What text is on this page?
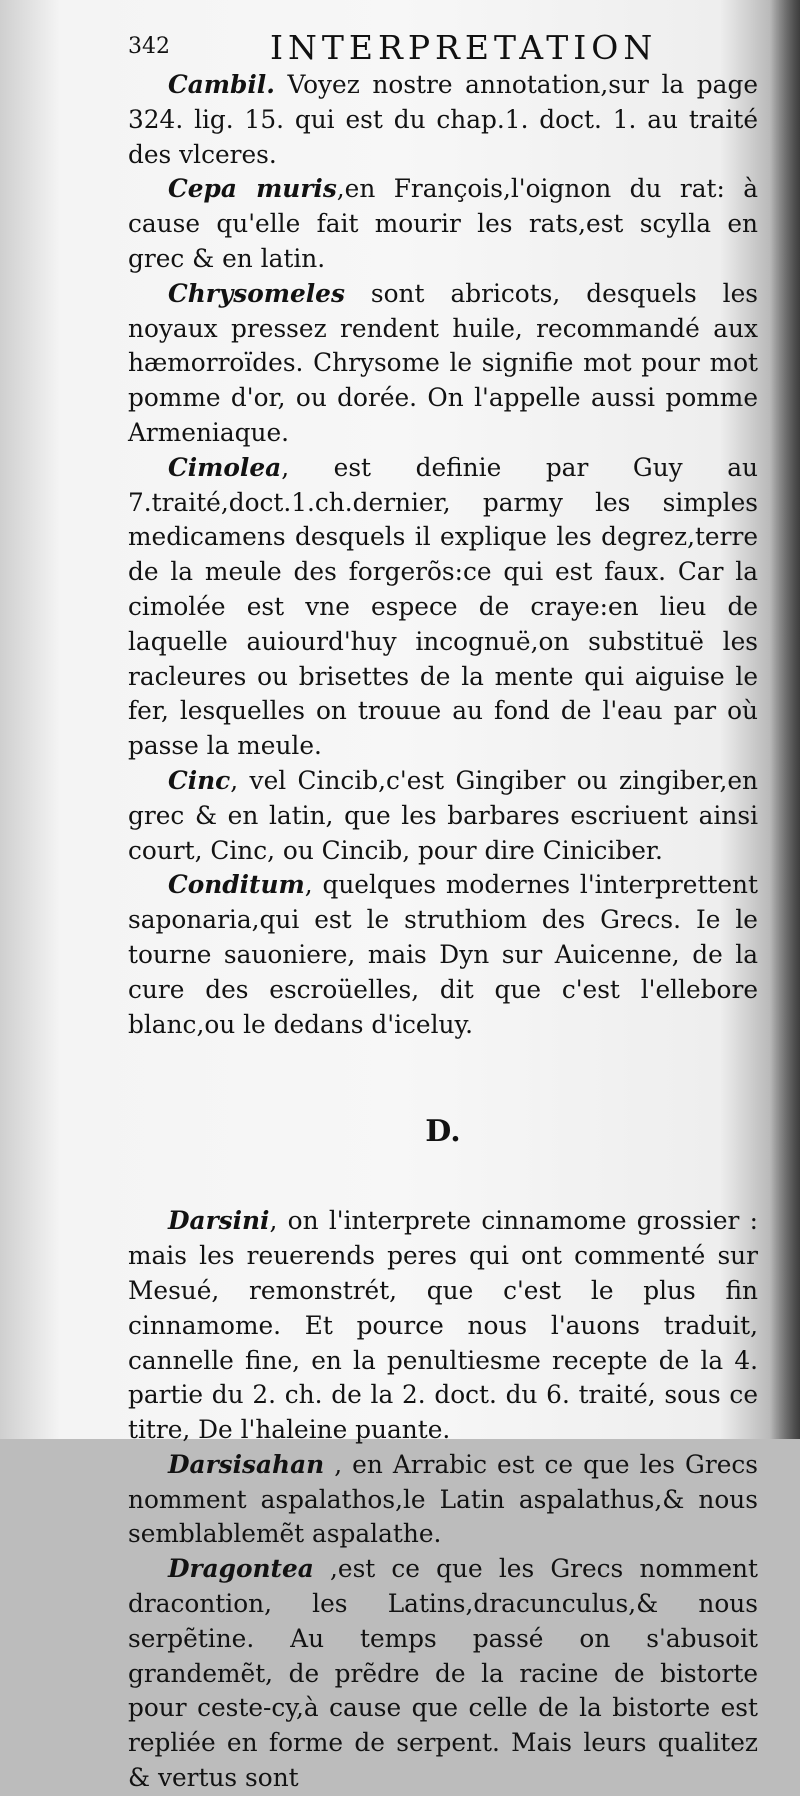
342	INTERPRETATION

Cambil. Voyez nostre annotation,sur la page 324. lig. 15. qui est du chap.1. doct. 1. au traité des vlceres.

Cepa muris,en François,l'oignon du rat: à cause qu'elle fait mourir les rats,est scylla en grec & en latin.

Chrysomeles sont abricots, desquels les noyaux pressez rendent huile, recommandé aux hæmorroïdes. Chrysome le signifie mot pour mot pomme d'or, ou dorée. On l'appelle aussi pomme Armeniaque.

Cimolea, est definie par Guy au 7.traité,doct.1.ch.dernier, parmy les simples medicamens desquels il explique les degrez,terre de la meule des forgerõs:ce qui est faux. Car la cimolée est vne espece de craye:en lieu de laquelle auiourd'huy incognuë,on substituë les racleures ou brisettes de la mente qui aiguise le fer, lesquelles on trouue au fond de l'eau par où passe la meule.

Cinc, vel Cincib,c'est Gingiber ou zingiber,en grec & en latin, que les barbares escriuent ainsi court, Cinc, ou Cincib, pour dire Ciniciber.

Conditum, quelques modernes l'interprettent saponaria,qui est le struthiom des Grecs. Ie le tourne sauoniere, mais Dyn sur Auicenne, de la cure des escroüelles, dit que c'est l'ellebore blanc,ou le dedans d'iceluy.

D.

Darsini, on l'interprete cinnamome grossier : mais les reuerends peres qui ont commenté sur Mesué, remonstrét, que c'est le plus fin cinnamome. Et pource nous l'auons traduit, cannelle fine, en la penultiesme recepte de la 4. partie du 2. ch. de la 2. doct. du 6. traité, sous ce titre, De l'haleine puante.

Darsisahan , en Arrabic est ce que les Grecs nomment aspalathos,le Latin aspalathus,& nous semblablemẽt aspalathe.

Dragontea ,est ce que les Grecs nomment dracontion, les Latins,dracunculus,& nous serpẽtine. Au temps passé on s'abusoit grandemẽt, de prẽdre de la racine de bistorte pour ceste-cy,à cause que celle de la bistorte est repliée en forme de serpent. Mais leurs qualitez & vertus sont
